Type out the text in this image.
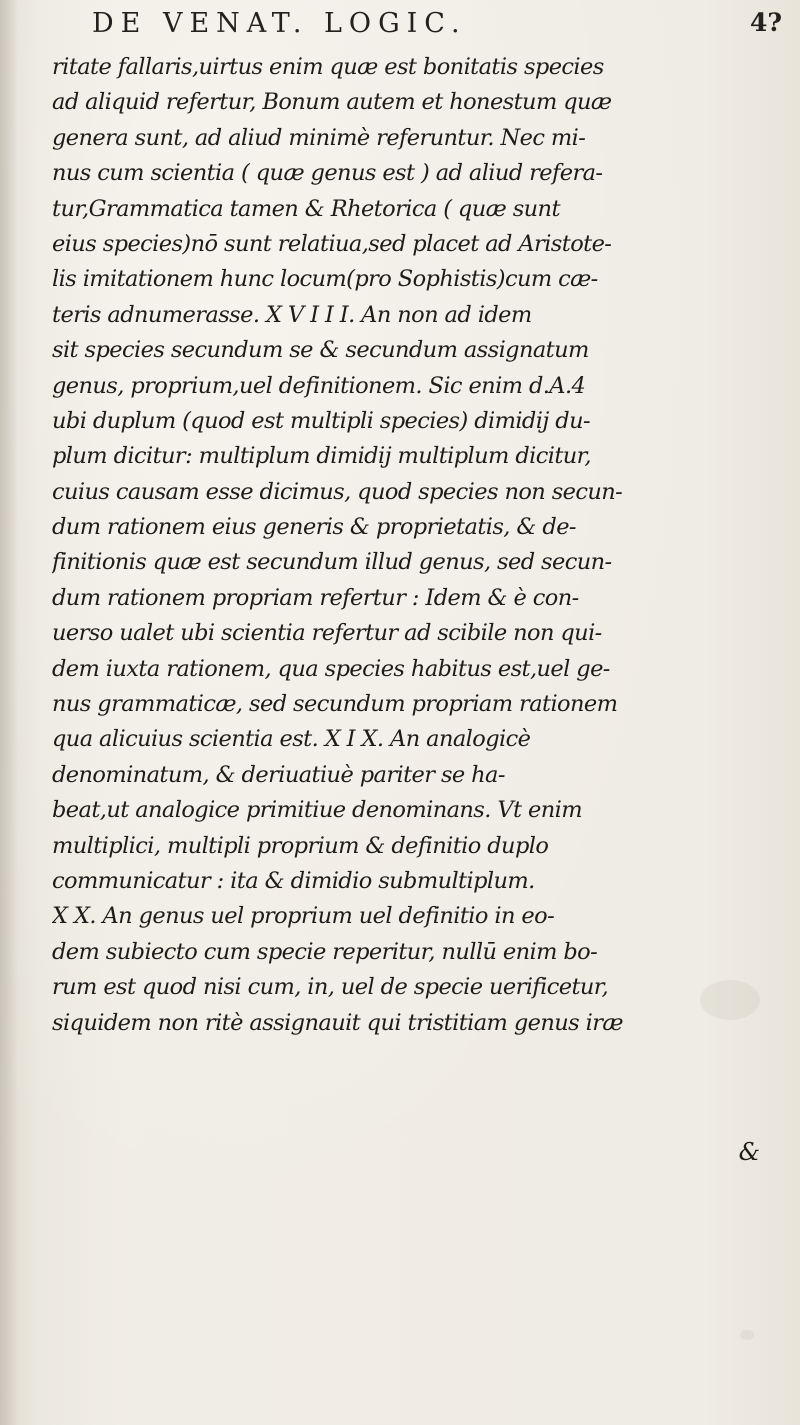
DE VENAT. LOGIC.	4?
ritate fallaris,uirtus enim quæ est bonitatis species
ad aliquid refertur, Bonum autem et honestum quæ
genera sunt, ad aliud minimè referuntur. Nec mi-
nus cum scientia ( quæ genus est ) ad aliud refera-
tur,Grammatica tamen & Rhetorica ( quæ sunt
eius species)nō sunt relatiua,sed placet ad Aristote-
lis imitationem hunc locum(pro Sophistis)cum cæ-
teris adnumerasse. X V I I I. An non ad idem
sit species secundum se & secundum assignatum
genus, proprium,uel definitionem. Sic enim d.A.4
ubi duplum (quod est multipli species) dimidij du-
plum dicitur: multiplum dimidij multiplum dicitur,
cuius causam esse dicimus, quod species non secun-
dum rationem eius generis & proprietatis, & de-
finitionis quæ est secundum illud genus, sed secun-
dum rationem propriam refertur : Idem & è con-
uerso ualet ubi scientia refertur ad scibile non qui-
dem iuxta rationem, qua species habitus est,uel ge-
nus grammaticæ, sed secundum propriam rationem
qua alicuius scientia est. X I X. An analogicè
denominatum, & deriuatiuè pariter se ha-
beat,ut analogice primitiue denominans. Vt enim
multiplici, multipli proprium & definitio duplo
communicatur : ita & dimidio submultiplum.
X X. An genus uel proprium uel definitio in eo-
dem subiecto cum specie reperitur, nullū enim bo-
rum est quod nisi cum, in, uel de specie uerificetur,
siquidem non ritè assignauit qui tristitiam genus iræ
&
